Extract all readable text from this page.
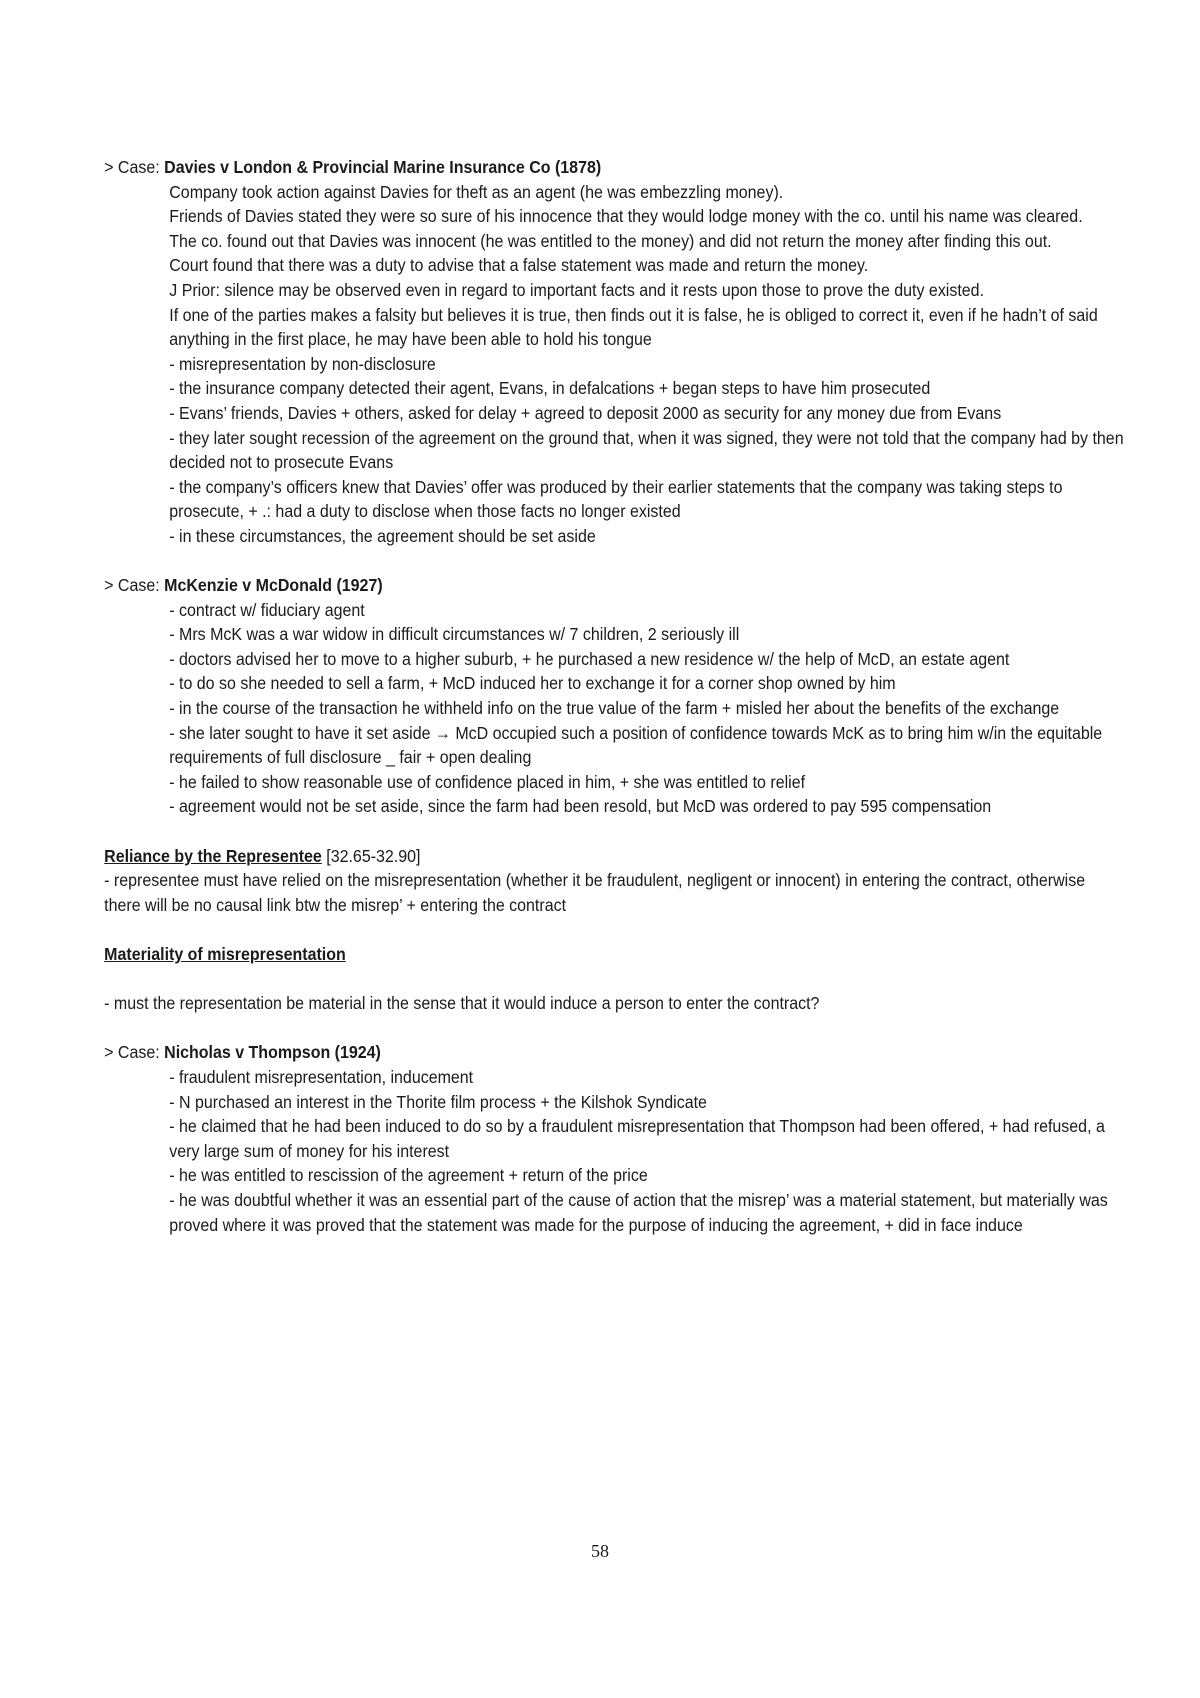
> Case: Davies v London & Provincial Marine Insurance Co (1878)

Company took action against Davies for theft as an agent (he was embezzling money).
Friends of Davies stated they were so sure of his innocence that they would lodge money with the co. until his name was cleared.
The co. found out that Davies was innocent (he was entitled to the money) and did not return the money after finding this out.
Court found that there was a duty to advise that a false statement was made and return the money.
J Prior: silence may be observed even in regard to important facts and it rests upon those to prove the duty existed.
If one of the parties makes a falsity but believes it is true, then finds out it is false, he is obliged to correct it, even if he hadn’t of said anything in the first place, he may have been able to hold his tongue
- misrepresentation by non-disclosure
- the insurance company detected their agent, Evans, in defalcations + began steps to have him prosecuted
- Evans’ friends, Davies + others, asked for delay + agreed to deposit 2000 as security for any money due from Evans
- they later sought recession of the agreement on the ground that, when it was signed, they were not told that the company had by then decided not to prosecute Evans
- the company’s officers knew that Davies’ offer was produced by their earlier statements that the company was taking steps to prosecute, + .: had a duty to disclose when those facts no longer existed
- in these circumstances, the agreement should be set aside

> Case: McKenzie v McDonald (1927)

- contract w/ fiduciary agent
- Mrs McK was a war widow in difficult circumstances w/ 7 children, 2 seriously ill
- doctors advised her to move to a higher suburb, + he purchased a new residence w/ the help of McD, an estate agent
- to do so she needed to sell a farm, + McD induced her to exchange it for a corner shop owned by him
- in the course of the transaction he withheld info on the true value of the farm + misled her about the benefits of the exchange
- she later sought to have it set aside → McD occupied such a position of confidence towards McK as to bring him w/in the equitable requirements of full disclosure _ fair + open dealing
- he failed to show reasonable use of confidence placed in him, + she was entitled to relief
- agreement would not be set aside, since the farm had been resold, but McD was ordered to pay 595 compensation

Reliance by the Representee [32.65-32.90]

- representee must have relied on the misrepresentation (whether it be fraudulent, negligent or innocent) in entering the contract, otherwise there will be no causal link btw the misrep’ + entering the contract

Materiality of misrepresentation

- must the representation be material in the sense that it would induce a person to enter the contract?

> Case: Nicholas v Thompson (1924)

- fraudulent misrepresentation, inducement
- N purchased an interest in the Thorite film process + the Kilshok Syndicate
- he claimed that he had been induced to do so by a fraudulent misrepresentation that Thompson had been offered, + had refused, a very large sum of money for his interest
- he was entitled to rescission of the agreement + return of the price
- he was doubtful whether it was an essential part of the cause of action that the misrep’ was a material statement, but materially was proved where it was proved that the statement was made for the purpose of inducing the agreement, + did in face induce
58
